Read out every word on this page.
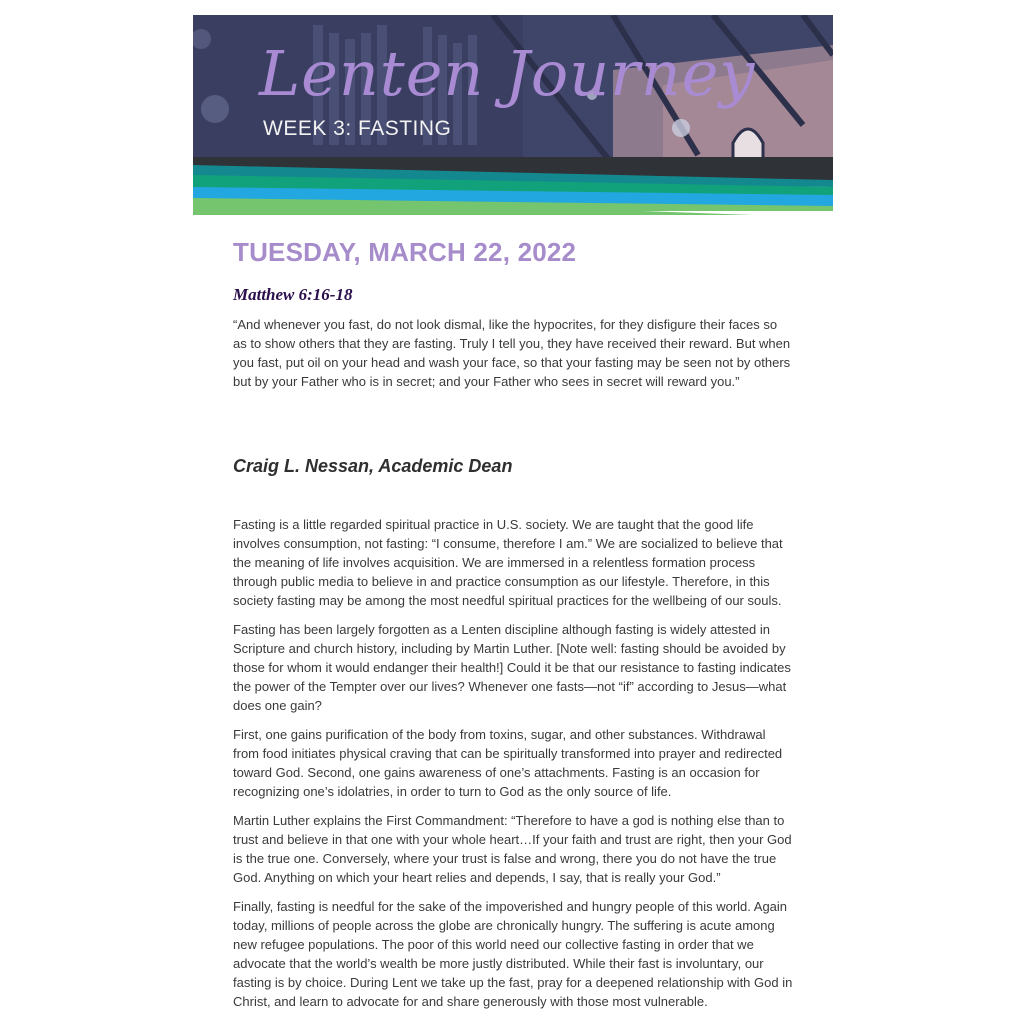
Lenten Journey
WEEK 3: FASTING
TUESDAY, MARCH 22, 2022
Matthew 6:16-18

“And whenever you fast, do not look dismal, like the hypocrites, for they disfigure their faces so as to show others that they are fasting. Truly I tell you, they have received their reward. But when you fast, put oil on your head and wash your face, so that your fasting may be seen not by others but by your Father who is in secret; and your Father who sees in secret will reward you.”

Craig L. Nessan, Academic Dean

Fasting is a little regarded spiritual practice in U.S. society. We are taught that the good life involves consumption, not fasting: “I consume, therefore I am.” We are socialized to believe that the meaning of life involves acquisition. We are immersed in a relentless formation process through public media to believe in and practice consumption as our lifestyle. Therefore, in this society fasting may be among the most needful spiritual practices for the wellbeing of our souls.

Fasting has been largely forgotten as a Lenten discipline although fasting is widely attested in Scripture and church history, including by Martin Luther. [Note well: fasting should be avoided by those for whom it would endanger their health!] Could it be that our resistance to fasting indicates the power of the Tempter over our lives? Whenever one fasts—not “if” according to Jesus—what does one gain?

First, one gains purification of the body from toxins, sugar, and other substances. Withdrawal from food initiates physical craving that can be spiritually transformed into prayer and redirected toward God. Second, one gains awareness of one’s attachments. Fasting is an occasion for recognizing one’s idolatries, in order to turn to God as the only source of life.

Martin Luther explains the First Commandment: “Therefore to have a god is nothing else than to trust and believe in that one with your whole heart…If your faith and trust are right, then your God is the true one. Conversely, where your trust is false and wrong, there you do not have the true God. Anything on which your heart relies and depends, I say, that is really your God.”

Finally, fasting is needful for the sake of the impoverished and hungry people of this world. Again today, millions of people across the globe are chronically hungry. The suffering is acute among new refugee populations. The poor of this world need our collective fasting in order that we advocate that the world’s wealth be more justly distributed. While their fast is involuntary, our fasting is by choice. During Lent we take up the fast, pray for a deepened relationship with God in Christ, and learn to advocate for and share generously with those most vulnerable.
